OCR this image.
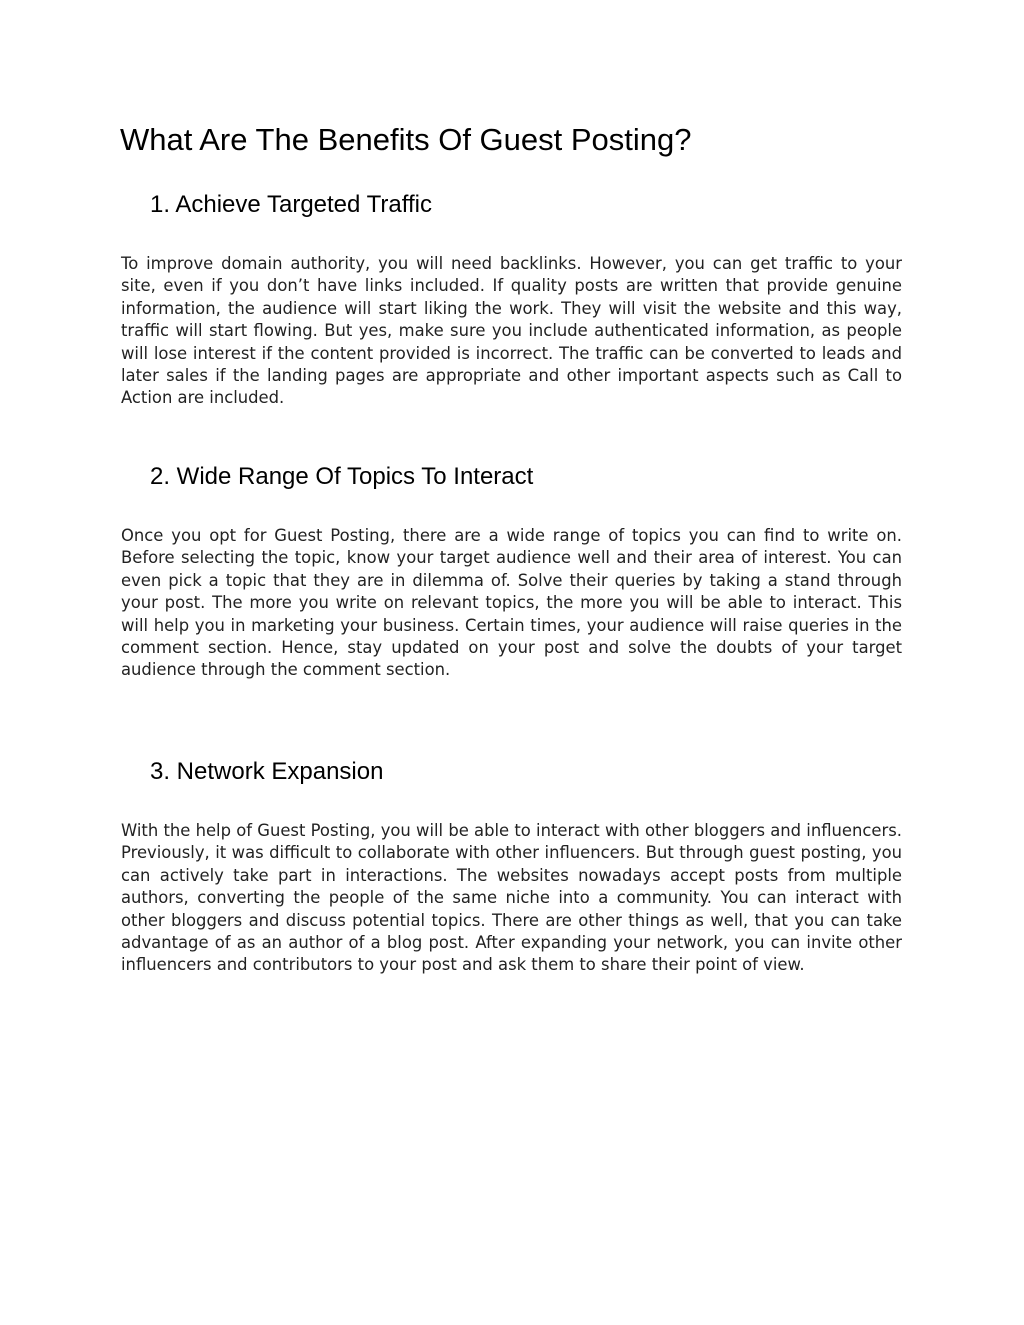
What Are The Benefits Of Guest Posting?
1. Achieve Targeted Traffic

To improve domain authority, you will need backlinks. However, you can get traffic to your site, even if you don’t have links included. If quality posts are written that provide genuine information, the audience will start liking the work. They will visit the website and this way, traffic will start flowing. But yes, make sure you include authenticated information, as people will lose interest if the content provided is incorrect. The traffic can be converted to leads and later sales if the landing pages are appropriate and other important aspects such as Call to Action are included.

2. Wide Range Of Topics To Interact

Once you opt for Guest Posting, there are a wide range of topics you can find to write on. Before selecting the topic, know your target audience well and their area of interest. You can even pick a topic that they are in dilemma of. Solve their queries by taking a stand through your post. The more you write on relevant topics, the more you will be able to interact. This will help you in marketing your business. Certain times, your audience will raise queries in the comment section. Hence, stay updated on your post and solve the doubts of your target audience through the comment section.

3. Network Expansion

With the help of Guest Posting, you will be able to interact with other bloggers and influencers. Previously, it was difficult to collaborate with other influencers. But through guest posting, you can actively take part in interactions. The websites nowadays accept posts from multiple authors, converting the people of the same niche into a community. You can interact with other bloggers and discuss potential topics. There are other things as well, that you can take advantage of as an author of a blog post. After expanding your network, you can invite other influencers and contributors to your post and ask them to share their point of view.
